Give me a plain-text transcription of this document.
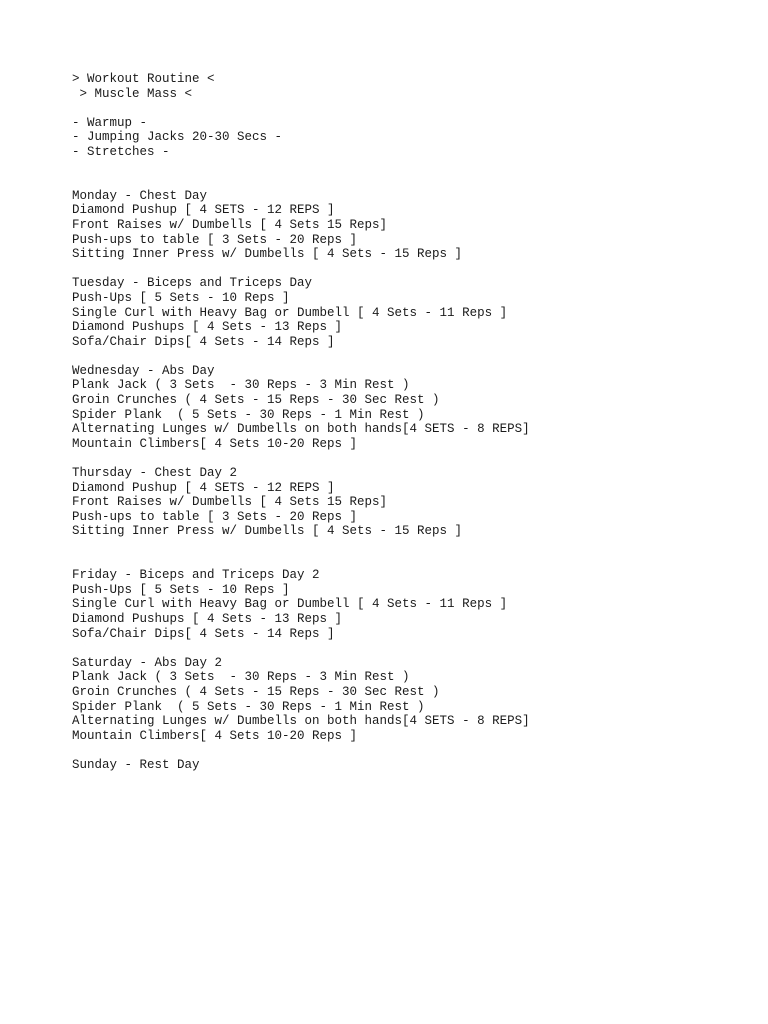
> Workout Routine <
> Muscle Mass <
- Warmup -
- Jumping Jacks 20-30 Secs -
- Stretches -
Monday - Chest Day
Diamond Pushup [ 4 SETS - 12 REPS ]
Front Raises w/ Dumbells [ 4 Sets 15 Reps]
Push-ups to table [ 3 Sets - 20 Reps ]
Sitting Inner Press w/ Dumbells [ 4 Sets - 15 Reps ]
Tuesday - Biceps and Triceps Day
Push-Ups [ 5 Sets - 10 Reps ]
Single Curl with Heavy Bag or Dumbell [ 4 Sets - 11 Reps ]
Diamond Pushups [ 4 Sets - 13 Reps ]
Sofa/Chair Dips[ 4 Sets - 14 Reps ]
Wednesday - Abs Day
Plank Jack ( 3 Sets  - 30 Reps - 3 Min Rest )
Groin Crunches ( 4 Sets - 15 Reps - 30 Sec Rest )
Spider Plank  ( 5 Sets - 30 Reps - 1 Min Rest )
Alternating Lunges w/ Dumbells on both hands[4 SETS - 8 REPS]
Mountain Climbers[ 4 Sets 10-20 Reps ]
Thursday - Chest Day 2
Diamond Pushup [ 4 SETS - 12 REPS ]
Front Raises w/ Dumbells [ 4 Sets 15 Reps]
Push-ups to table [ 3 Sets - 20 Reps ]
Sitting Inner Press w/ Dumbells [ 4 Sets - 15 Reps ]
Friday - Biceps and Triceps Day 2
Push-Ups [ 5 Sets - 10 Reps ]
Single Curl with Heavy Bag or Dumbell [ 4 Sets - 11 Reps ]
Diamond Pushups [ 4 Sets - 13 Reps ]
Sofa/Chair Dips[ 4 Sets - 14 Reps ]
Saturday - Abs Day 2
Plank Jack ( 3 Sets  - 30 Reps - 3 Min Rest )
Groin Crunches ( 4 Sets - 15 Reps - 30 Sec Rest )
Spider Plank  ( 5 Sets - 30 Reps - 1 Min Rest )
Alternating Lunges w/ Dumbells on both hands[4 SETS - 8 REPS]
Mountain Climbers[ 4 Sets 10-20 Reps ]
Sunday - Rest Day
